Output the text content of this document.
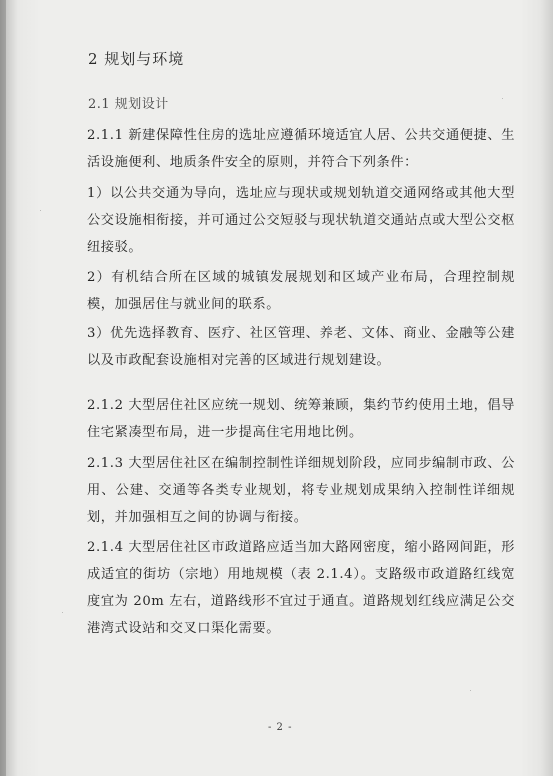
2 规划与环境
2.1 规划设计
2.1.1 新建保障性住房的选址应遵循环境适宜人居、公共交通便捷、生活设施便利、地质条件安全的原则，并符合下列条件：
1）以公共交通为导向，选址应与现状或规划轨道交通网络或其他大型公交设施相衔接，并可通过公交短驳与现状轨道交通站点或大型公交枢纽接驳。
2）有机结合所在区域的城镇发展规划和区域产业布局，合理控制规模，加强居住与就业间的联系。
3）优先选择教育、医疗、社区管理、养老、文体、商业、金融等公建以及市政配套设施相对完善的区域进行规划建设。
2.1.2 大型居住社区应统一规划、统筹兼顾，集约节约使用土地，倡导住宅紧凑型布局，进一步提高住宅用地比例。
2.1.3 大型居住社区在编制控制性详细规划阶段，应同步编制市政、公用、公建、交通等各类专业规划，将专业规划成果纳入控制性详细规划，并加强相互之间的协调与衔接。
2.1.4 大型居住社区市政道路应适当加大路网密度，缩小路网间距，形成适宜的街坊（宗地）用地规模（表 2.1.4）。支路级市政道路红线宽度宜为 20m 左右，道路线形不宜过于通直。道路规划红线应满足公交港湾式设站和交叉口渠化需要。
- 2 -
